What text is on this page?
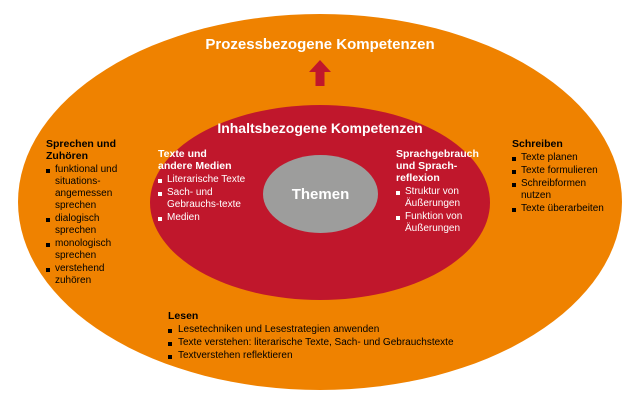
Prozessbezogene Kompetenzen
Inhaltsbezogene Kompetenzen
Themen
Sprechen und
Zuhören
funktional und situations-angemessen sprechen
dialogisch sprechen
monologisch sprechen
verstehend zuhören
Schreiben
Texte planen
Texte formulieren
Schreibformen nutzen
Texte überarbeiten
Texte und
andere Medien
Literarische Texte
Sach- und Gebrauchs-texte
Medien
Sprachgebrauch
und Sprach-
reflexion
Struktur von Äußerungen
Funktion von Äußerungen
Lesen
Lesetechniken und Lesestrategien anwenden
Texte verstehen: literarische Texte, Sach- und Gebrauchstexte
Textverstehen reflektieren
